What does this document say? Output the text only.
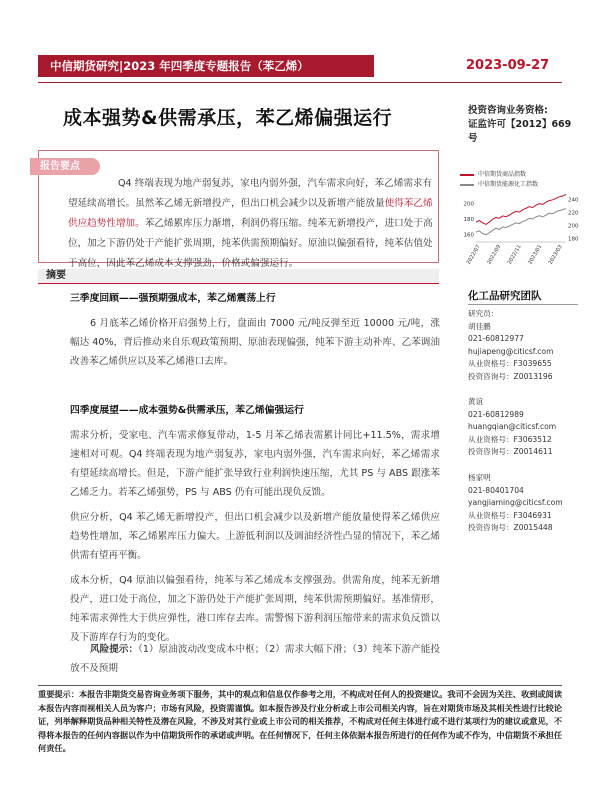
中信期货研究|2023 年四季度专题报告（苯乙烯）	2023-09-27
成本强势&供需承压，苯乙烯偏强运行	投资咨询业务资格:
证监许可【2012】669 号
报告要点
Q4 终端表现为地产弱复苏，家电内弱外强，汽车需求向好，苯乙烯需求有望延续高增长。虽然苯乙烯无新增投产，但出口机会减少以及新增产能放量使得苯乙烯供应趋势性增加。苯乙烯累库压力渐增，利润仍将压缩。纯苯无新增投产，进口处于高位，加之下游仍处于产能扩张周期，纯苯供需预期偏好。原油以偏强看待，纯苯估值处于高位，因此苯乙烯成本支撑强劲，价格或偏强运行。
中信期货商品指数
中信期货能源化工指数
200
180
160
240
220
200
180
2022/07 2022/09 2022/11 2023/01 2023/03
摘要
三季度回顾——强预期强成本，苯乙烯震荡上行
6 月底苯乙烯价格开启强势上行，盘面由 7000 元/吨反弹至近 10000 元/吨，涨幅达 40%，背后推动来自乐观政策预期、原油表现偏强，纯苯下游主动补库、乙苯调油改善苯乙烯供应以及苯乙烯港口去库。
四季度展望——成本强势&供需承压，苯乙烯偏强运行
需求分析，受家电、汽车需求修复带动，1-5 月苯乙烯表需累计同比+11.5%，需求增速相对可观。Q4 终端表现为地产弱复苏，家电内弱外强，汽车需求向好，苯乙烯需求有望延续高增长。但是，下游产能扩张导致行业利润快速压缩，尤其 PS 与 ABS 跟涨苯乙烯乏力。若苯乙烯强势，PS 与 ABS 仍有可能出现负反馈。
供应分析，Q4 苯乙烯无新增投产，但出口机会减少以及新增产能放量使得苯乙烯供应趋势性增加，苯乙烯累库压力偏大。上游低利润以及调油经济性凸显的情况下，苯乙烯供需有望再平衡。
成本分析，Q4 原油以偏强看待，纯苯与苯乙烯成本支撑强劲。供需角度，纯苯无新增投产，进口处于高位，加之下游仍处于产能扩张周期，纯苯供需预期偏好。基准情形，纯苯需求弹性大于供应弹性，港口库存去库。需警惕下游利润压缩带来的需求负反馈以及下游库存行为的变化。
风险提示：（1）原油波动改变成本中枢；（2）需求大幅下滑；（3）纯苯下游产能投放不及预期
化工品研究团队
研究员：
胡佳鹏
021-60812977
hujiapeng@citicsf.com
从业资格号：F3039655
投资咨询号：Z0013196
黄谊
021-60812989
huangqian@citicsf.com
从业资格号：F3063512
投资咨询号：Z0014611
杨家明
021-80401704
yangjiaming@citicsf.com
从业资格号：F3046931
投资咨询号：Z0015448
重要提示：本报告非期货交易咨询业务项下服务，其中的观点和信息仅作参考之用，不构成对任何人的投资建议。我司不会因为关注、收到或阅读本报告内容而视相关人员为客户；市场有风险，投资需谨慎。如本报告涉及行业分析或上市公司相关内容，旨在对期货市场及其相关性进行比较论证，列举解释期货品种相关特性及潜在风险，不涉及对其行业或上市公司的相关推荐，不构成对任何主体进行或不进行某项行为的建议或意见，不得将本报告的任何内容据以作为中信期货所作的承诺或声明。在任何情况下，任何主体依据本报告所进行的任何作为或不作为，中信期货不承担任何责任。
